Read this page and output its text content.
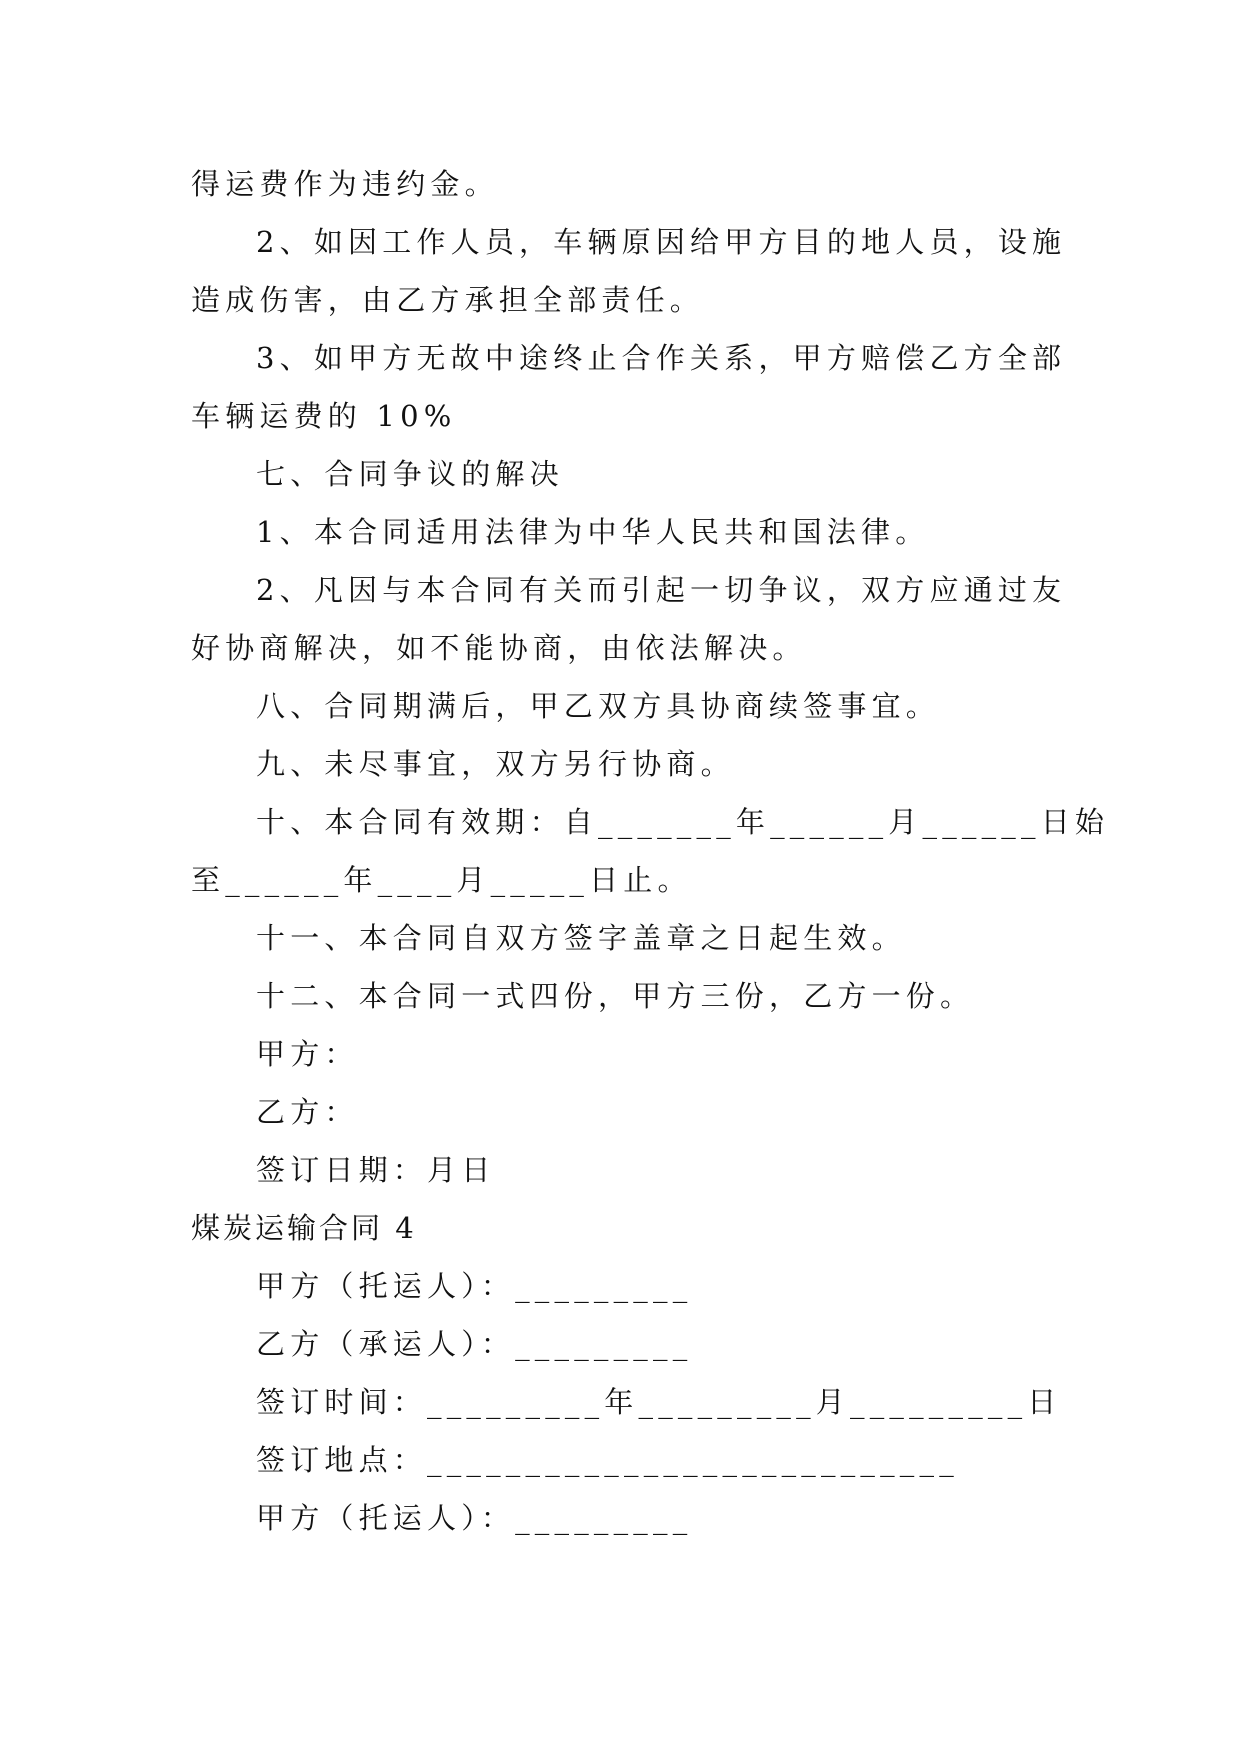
得运费作为违约金。
2、如因工作人员，车辆原因给甲方目的地人员，设施
造成伤害，由乙方承担全部责任。
3、如甲方无故中途终止合作关系，甲方赔偿乙方全部
车辆运费的 10%
七、合同争议的解决
1、本合同适用法律为中华人民共和国法律。
2、凡因与本合同有关而引起一切争议，双方应通过友
好协商解决，如不能协商，由依法解决。
八、合同期满后，甲乙双方具协商续签事宜。
九、未尽事宜，双方另行协商。
十、本合同有效期：自_______年______月______日始
至______年____月_____日止。
十一、本合同自双方签字盖章之日起生效。
十二、本合同一式四份，甲方三份，乙方一份。
甲方：
乙方：
签订日期：月日
煤炭运输合同 4
甲方（托运人）：_________
乙方（承运人）：_________
签订时间：_________年_________月_________日
签订地点：___________________________
甲方（托运人）：_________
